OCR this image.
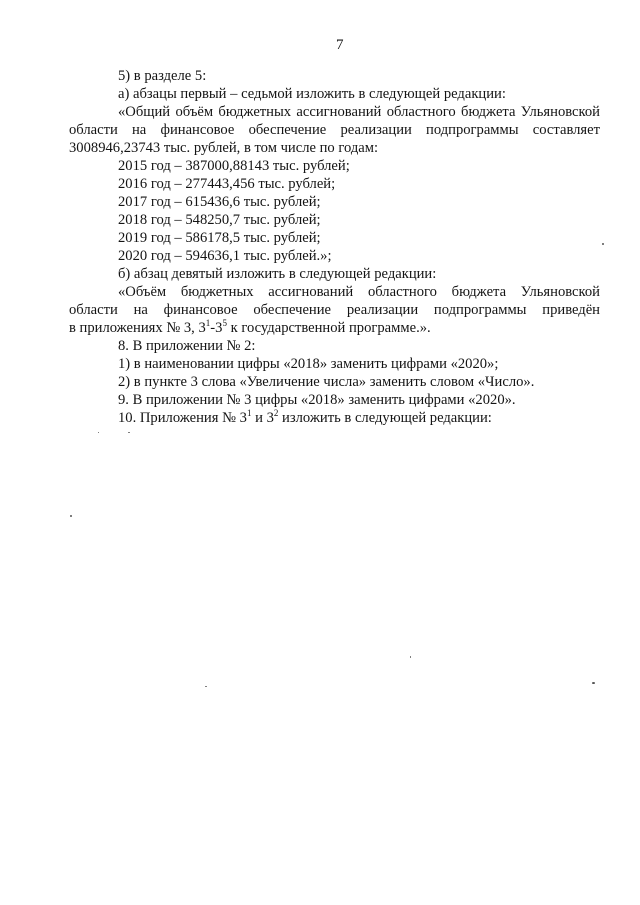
7
5) в разделе 5:
а) абзацы первый – седьмой изложить в следующей редакции:
«Общий объём бюджетных ассигнований областного бюджета Ульяновской
области на финансовое обеспечение реализации подпрограммы составляет
3008946,23743 тыс. рублей, в том числе по годам:
2015 год – 387000,88143 тыс. рублей;
2016 год – 277443,456 тыс. рублей;
2017 год – 615436,6 тыс. рублей;
2018 год – 548250,7 тыс. рублей;
2019 год – 586178,5 тыс. рублей;
2020 год – 594636,1 тыс. рублей.»;
б) абзац девятый изложить в следующей редакции:
«Объём бюджетных ассигнований областного бюджета Ульяновской
области на финансовое обеспечение реализации подпрограммы приведён
в приложениях № 3, $3^1-3^5$ к государственной программе.».
8. В приложении № 2:
1) в наименовании цифры «2018» заменить цифрами «2020»;
2) в пункте 3 слова «Увеличение числа» заменить словом «Число».
9. В приложении № 3 цифры «2018» заменить цифрами «2020».
10. Приложения № $3^1$ и $3^2$ изложить в следующей редакции:
